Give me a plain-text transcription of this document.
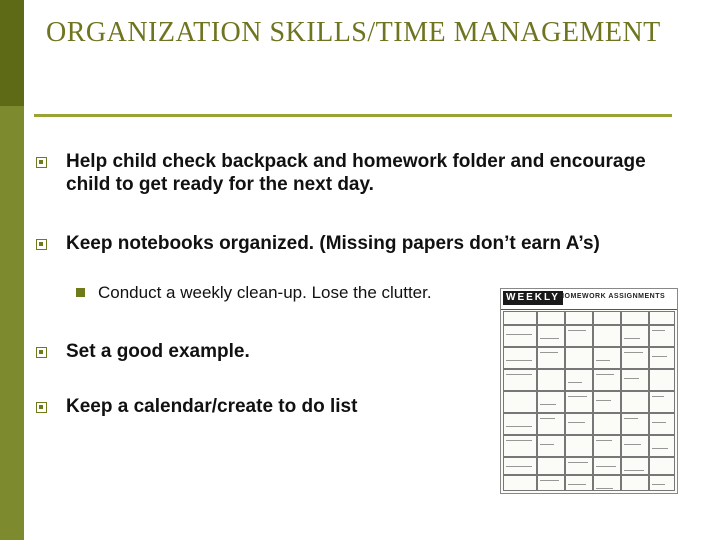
ORGANIZATION SKILLS/TIME MANAGEMENT
Help child check backpack and homework folder and encourage child to get ready for the next day.
Keep notebooks organized. (Missing papers don’t earn A’s)
Conduct a weekly clean-up. Lose the clutter.
Set a good example.
Keep a calendar/create to do list
WEEKLY HOMEWORK ASSIGNMENTS
